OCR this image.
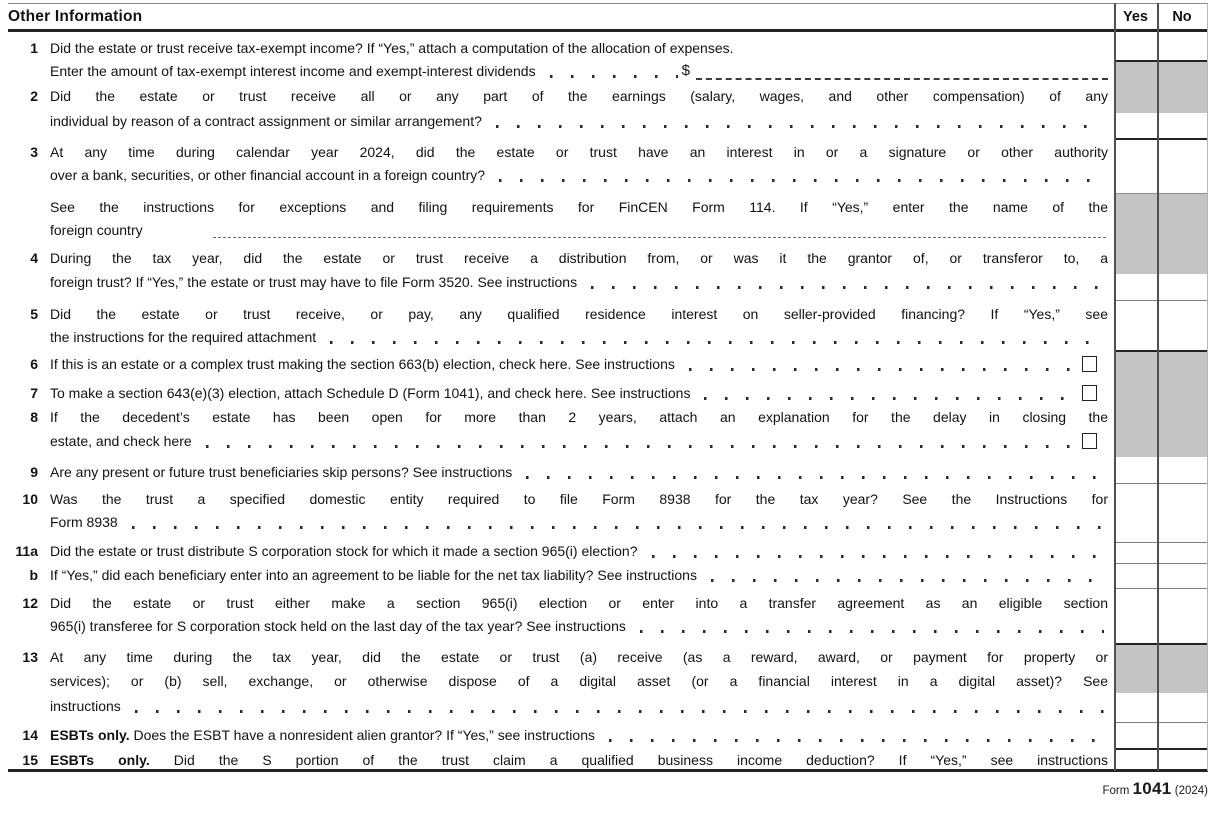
Other Information	Yes	No
1 Did the estate or trust receive tax-exempt income? If “Yes,” attach a computation of the allocation of expenses.
Enter the amount of tax-exempt interest income and exempt-interest dividends	$
2 Did the estate or trust receive all or any part of the earnings (salary, wages, and other compensation) of any
individual by reason of a contract assignment or similar arrangement?
3 At any time during calendar year 2024, did the estate or trust have an interest in or a signature or other authority
over a bank, securities, or other financial account in a foreign country?
See the instructions for exceptions and filing requirements for FinCEN Form 114. If “Yes,” enter the name of the
foreign country
4 During the tax year, did the estate or trust receive a distribution from, or was it the grantor of, or transferor to, a
foreign trust? If “Yes,” the estate or trust may have to file Form 3520. See instructions
5 Did the estate or trust receive, or pay, any qualified residence interest on seller-provided financing? If “Yes,” see
the instructions for the required attachment
6 If this is an estate or a complex trust making the section 663(b) election, check here. See instructions
7 To make a section 643(e)(3) election, attach Schedule D (Form 1041), and check here. See instructions
8 If the decedent’s estate has been open for more than 2 years, attach an explanation for the delay in closing the
estate, and check here
9 Are any present or future trust beneficiaries skip persons? See instructions
10 Was the trust a specified domestic entity required to file Form 8938 for the tax year? See the Instructions for
Form 8938
11a Did the estate or trust distribute S corporation stock for which it made a section 965(i) election?
b If “Yes,” did each beneficiary enter into an agreement to be liable for the net tax liability? See instructions
12 Did the estate or trust either make a section 965(i) election or enter into a transfer agreement as an eligible section
965(i) transferee for S corporation stock held on the last day of the tax year? See instructions
13 At any time during the tax year, did the estate or trust (a) receive (as a reward, award, or payment for property or
services); or (b) sell, exchange, or otherwise dispose of a digital asset (or a financial interest in a digital asset)? See
instructions
14 ESBTs only. Does the ESBT have a nonresident alien grantor? If “Yes,” see instructions
15 ESBTs only. Did the S portion of the trust claim a qualified business income deduction? If “Yes,” see instructions
Form 1041 (2024)
